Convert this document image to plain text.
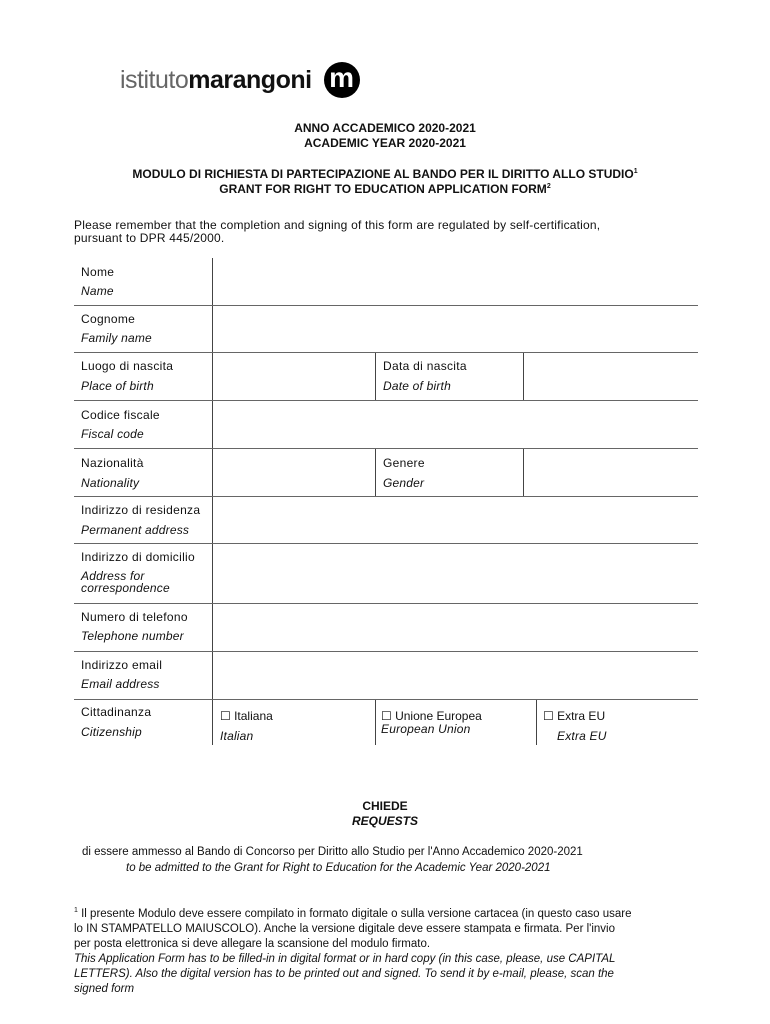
istituto marangoni m
ANNO ACCADEMICO 2020-2021
ACADEMIC YEAR 2020-2021
MODULO DI RICHIESTA DI PARTECIPAZIONE AL BANDO PER IL DIRITTO ALLO STUDIO$^1$
GRANT FOR RIGHT TO EDUCATION APPLICATION FORM$^2$
Please remember that the completion and signing of this form are regulated by self-certification,
pursuant to DPR 445/2000.
Nome
Name
Cognome
Family name
Luogo di nascita
Place of birth
Data di nascita
Date of birth
Codice fiscale
Fiscal code
Nazionalità
Nationality
Genere
Gender
Indirizzo di residenza
Permanent address
Indirizzo di domicilio
Address for
correspondence
Numero di telefono
Telephone number
Indirizzo email
Email address
Cittadinanza
Citizenship
☐ Italiana
Italian
☐ Unione Europea
European Union
☐ Extra EU
Extra EU
CHIEDE
REQUESTS
di essere ammesso al Bando di Concorso per Diritto allo Studio per l'Anno Accademico 2020-2021
to be admitted to the Grant for Right to Education for the Academic Year 2020-2021
$^1$ Il presente Modulo deve essere compilato in formato digitale o sulla versione cartacea (in questo caso usare
lo IN STAMPATELLO MAIUSCOLO). Anche la versione digitale deve essere stampata e firmata. Per l'invio
per posta elettronica si deve allegare la scansione del modulo firmato.
This Application Form has to be filled-in in digital format or in hard copy (in this case, please, use CAPITAL
LETTERS). Also the digital version has to be printed out and signed. To send it by e-mail, please, scan the
signed form
